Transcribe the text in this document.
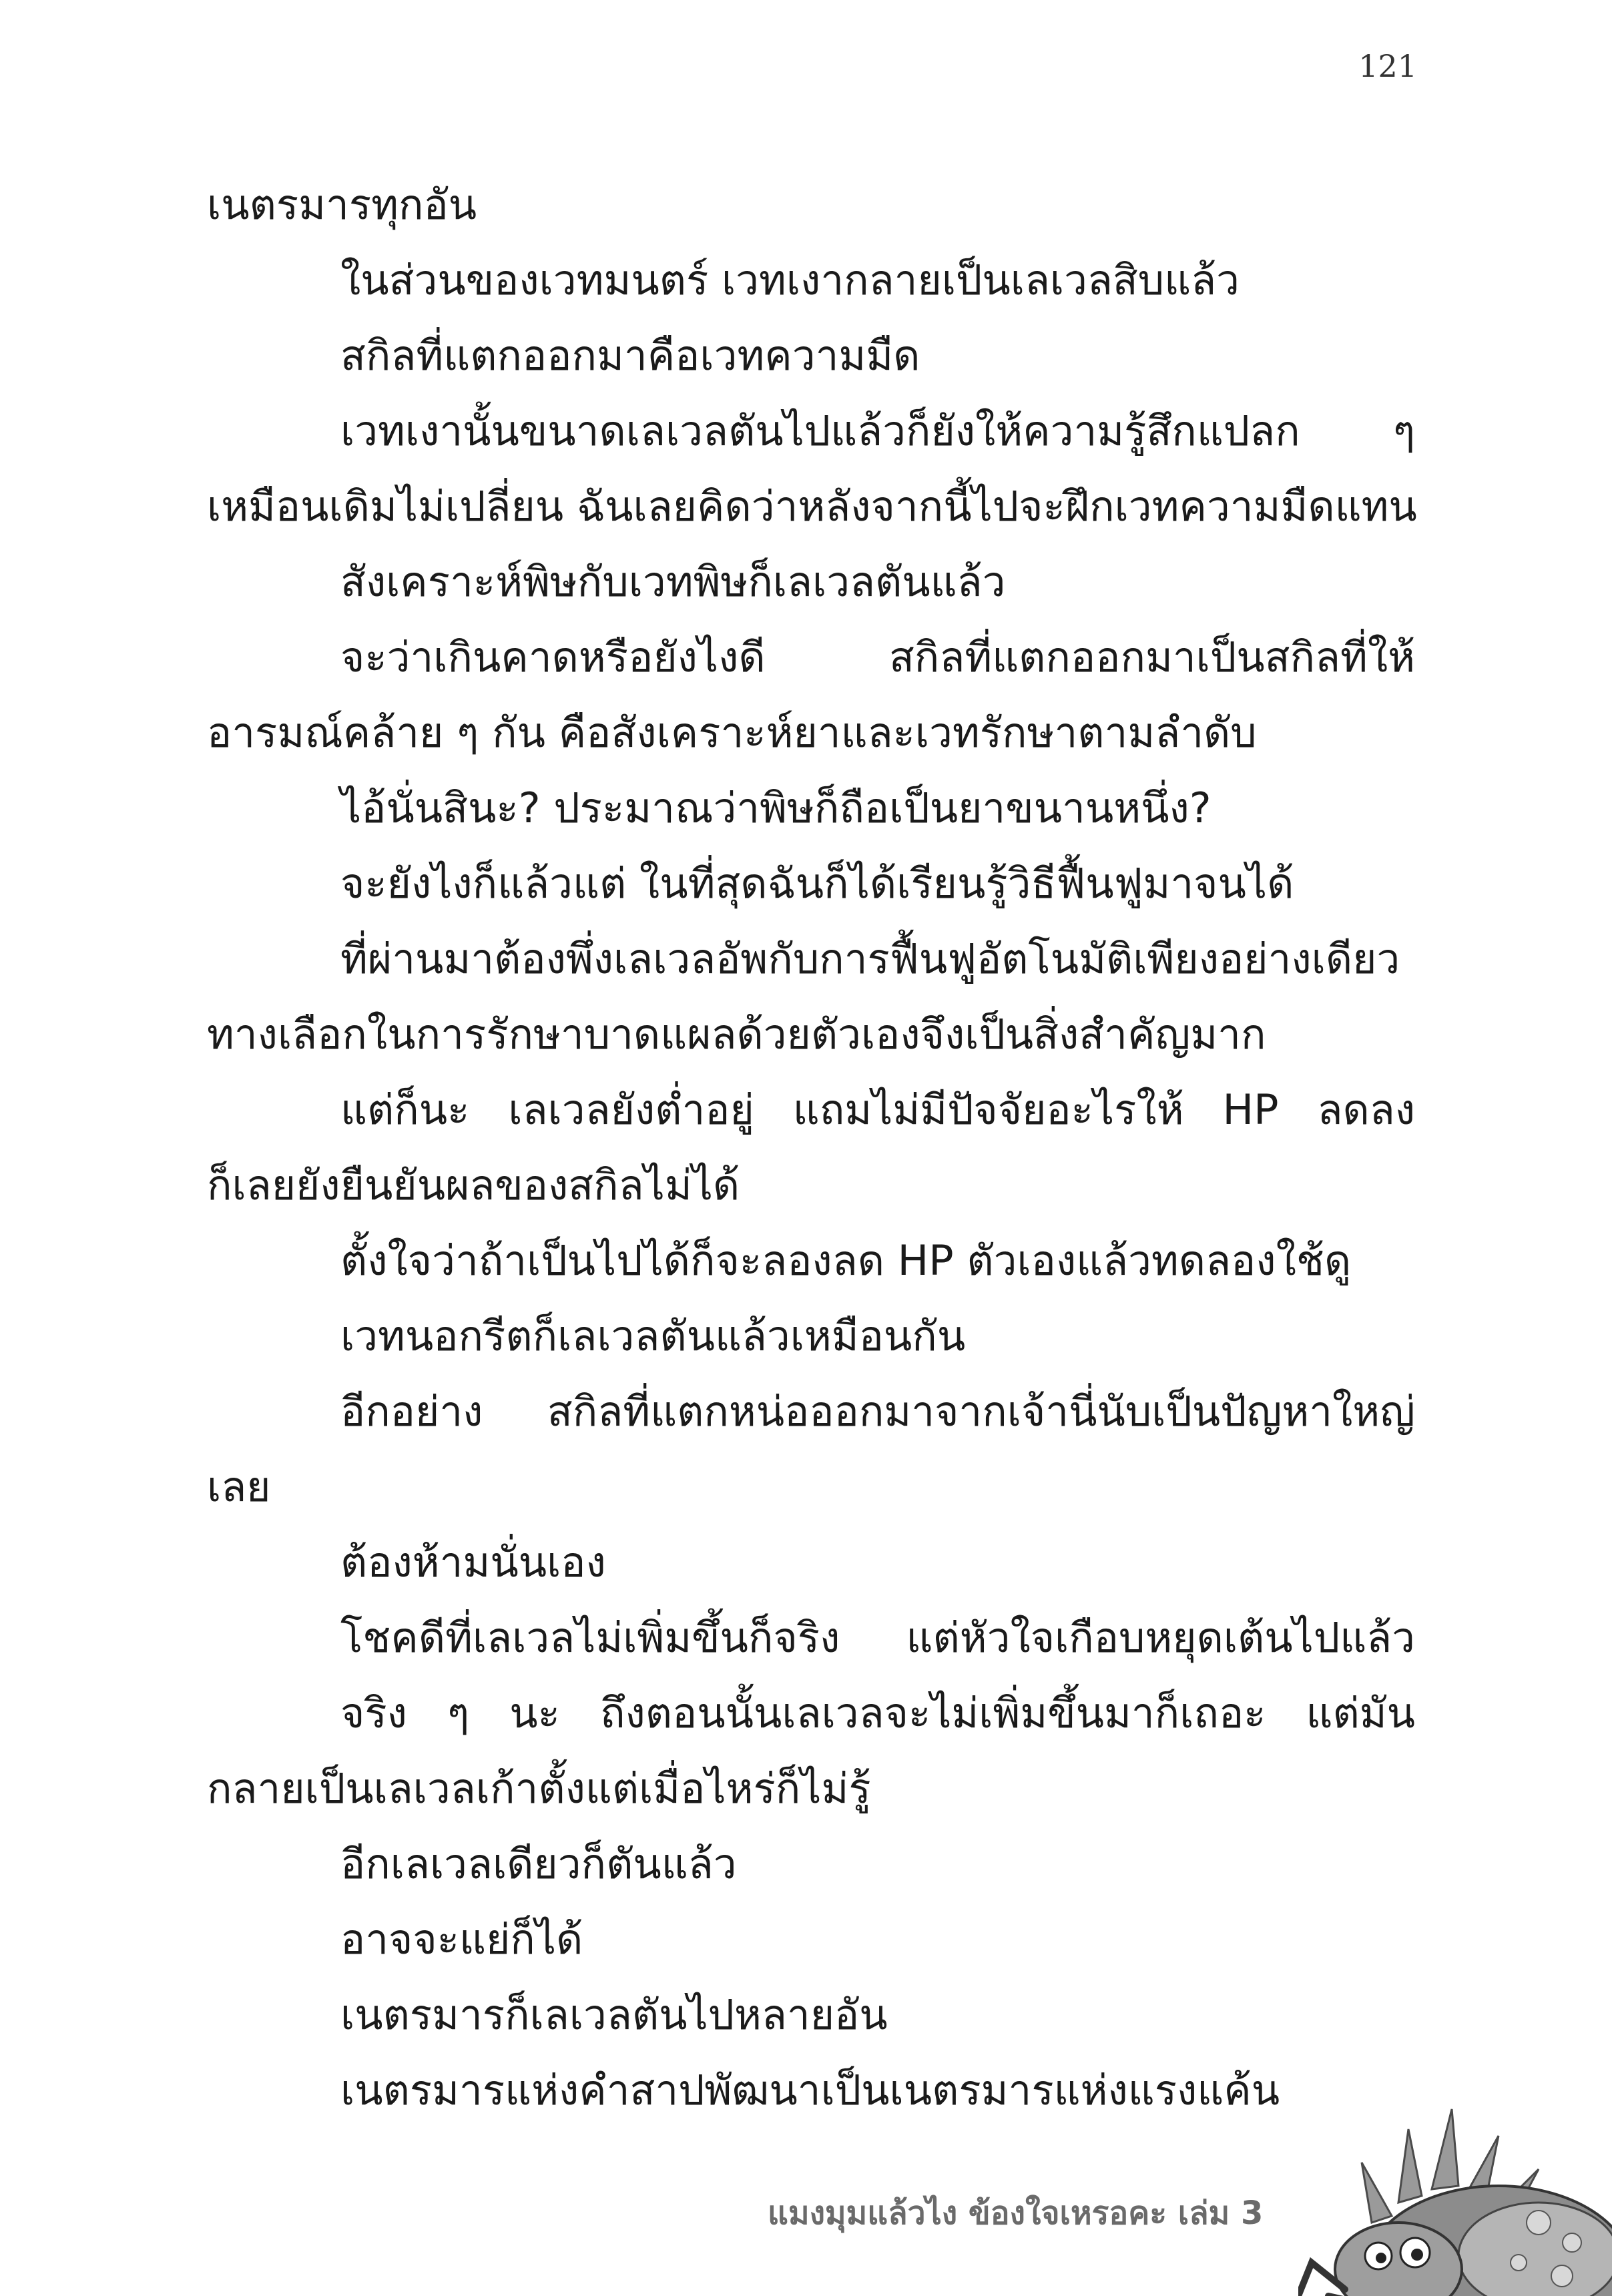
121
เนตรมารทุกอัน
ในส่วนของเวทมนตร์ เวทเงากลายเป็นเลเวลสิบแล้ว
สกิลที่แตกออกมาคือเวทความมืด
เวทเงานั้นขนาดเลเวลตันไปแล้วก็ยังให้ความรู้สึกแปลก ๆ
เหมือนเดิมไม่เปลี่ยน ฉันเลยคิดว่าหลังจากนี้ไปจะฝึกเวทความมืดแทน
สังเคราะห์พิษกับเวทพิษก็เลเวลตันแล้ว
จะว่าเกินคาดหรือยังไงดี สกิลที่แตกออกมาเป็นสกิลที่ให้
อารมณ์คล้าย ๆ กัน คือสังเคราะห์ยาและเวทรักษาตามลำดับ
ไอ้นั่นสินะ? ประมาณว่าพิษก็ถือเป็นยาขนานหนึ่ง?
จะยังไงก็แล้วแต่ ในที่สุดฉันก็ได้เรียนรู้วิธีฟื้นฟูมาจนได้
ที่ผ่านมาต้องพึ่งเลเวลอัพกับการฟื้นฟูอัตโนมัติเพียงอย่างเดียว
ทางเลือกในการรักษาบาดแผลด้วยตัวเองจึงเป็นสิ่งสำคัญมาก
แต่ก็นะ เลเวลยังต่ำอยู่ แถมไม่มีปัจจัยอะไรให้ HP ลดลง
ก็เลยยังยืนยันผลของสกิลไม่ได้
ตั้งใจว่าถ้าเป็นไปได้ก็จะลองลด HP ตัวเองแล้วทดลองใช้ดู
เวทนอกรีตก็เลเวลตันแล้วเหมือนกัน
อีกอย่าง สกิลที่แตกหน่อออกมาจากเจ้านี่นับเป็นปัญหาใหญ่
เลย
ต้องห้ามนั่นเอง
โชคดีที่เลเวลไม่เพิ่มขึ้นก็จริง แต่หัวใจเกือบหยุดเต้นไปแล้ว
จริง ๆ นะ ถึงตอนนั้นเลเวลจะไม่เพิ่มขึ้นมาก็เถอะ แต่มัน
กลายเป็นเลเวลเก้าตั้งแต่เมื่อไหร่ก็ไม่รู้
อีกเลเวลเดียวก็ตันแล้ว
อาจจะแย่ก็ได้
เนตรมารก็เลเวลตันไปหลายอัน
เนตรมารแห่งคำสาปพัฒนาเป็นเนตรมารแห่งแรงแค้น
แมงมุมแล้วไง ข้องใจเหรอคะ เล่ม 3
